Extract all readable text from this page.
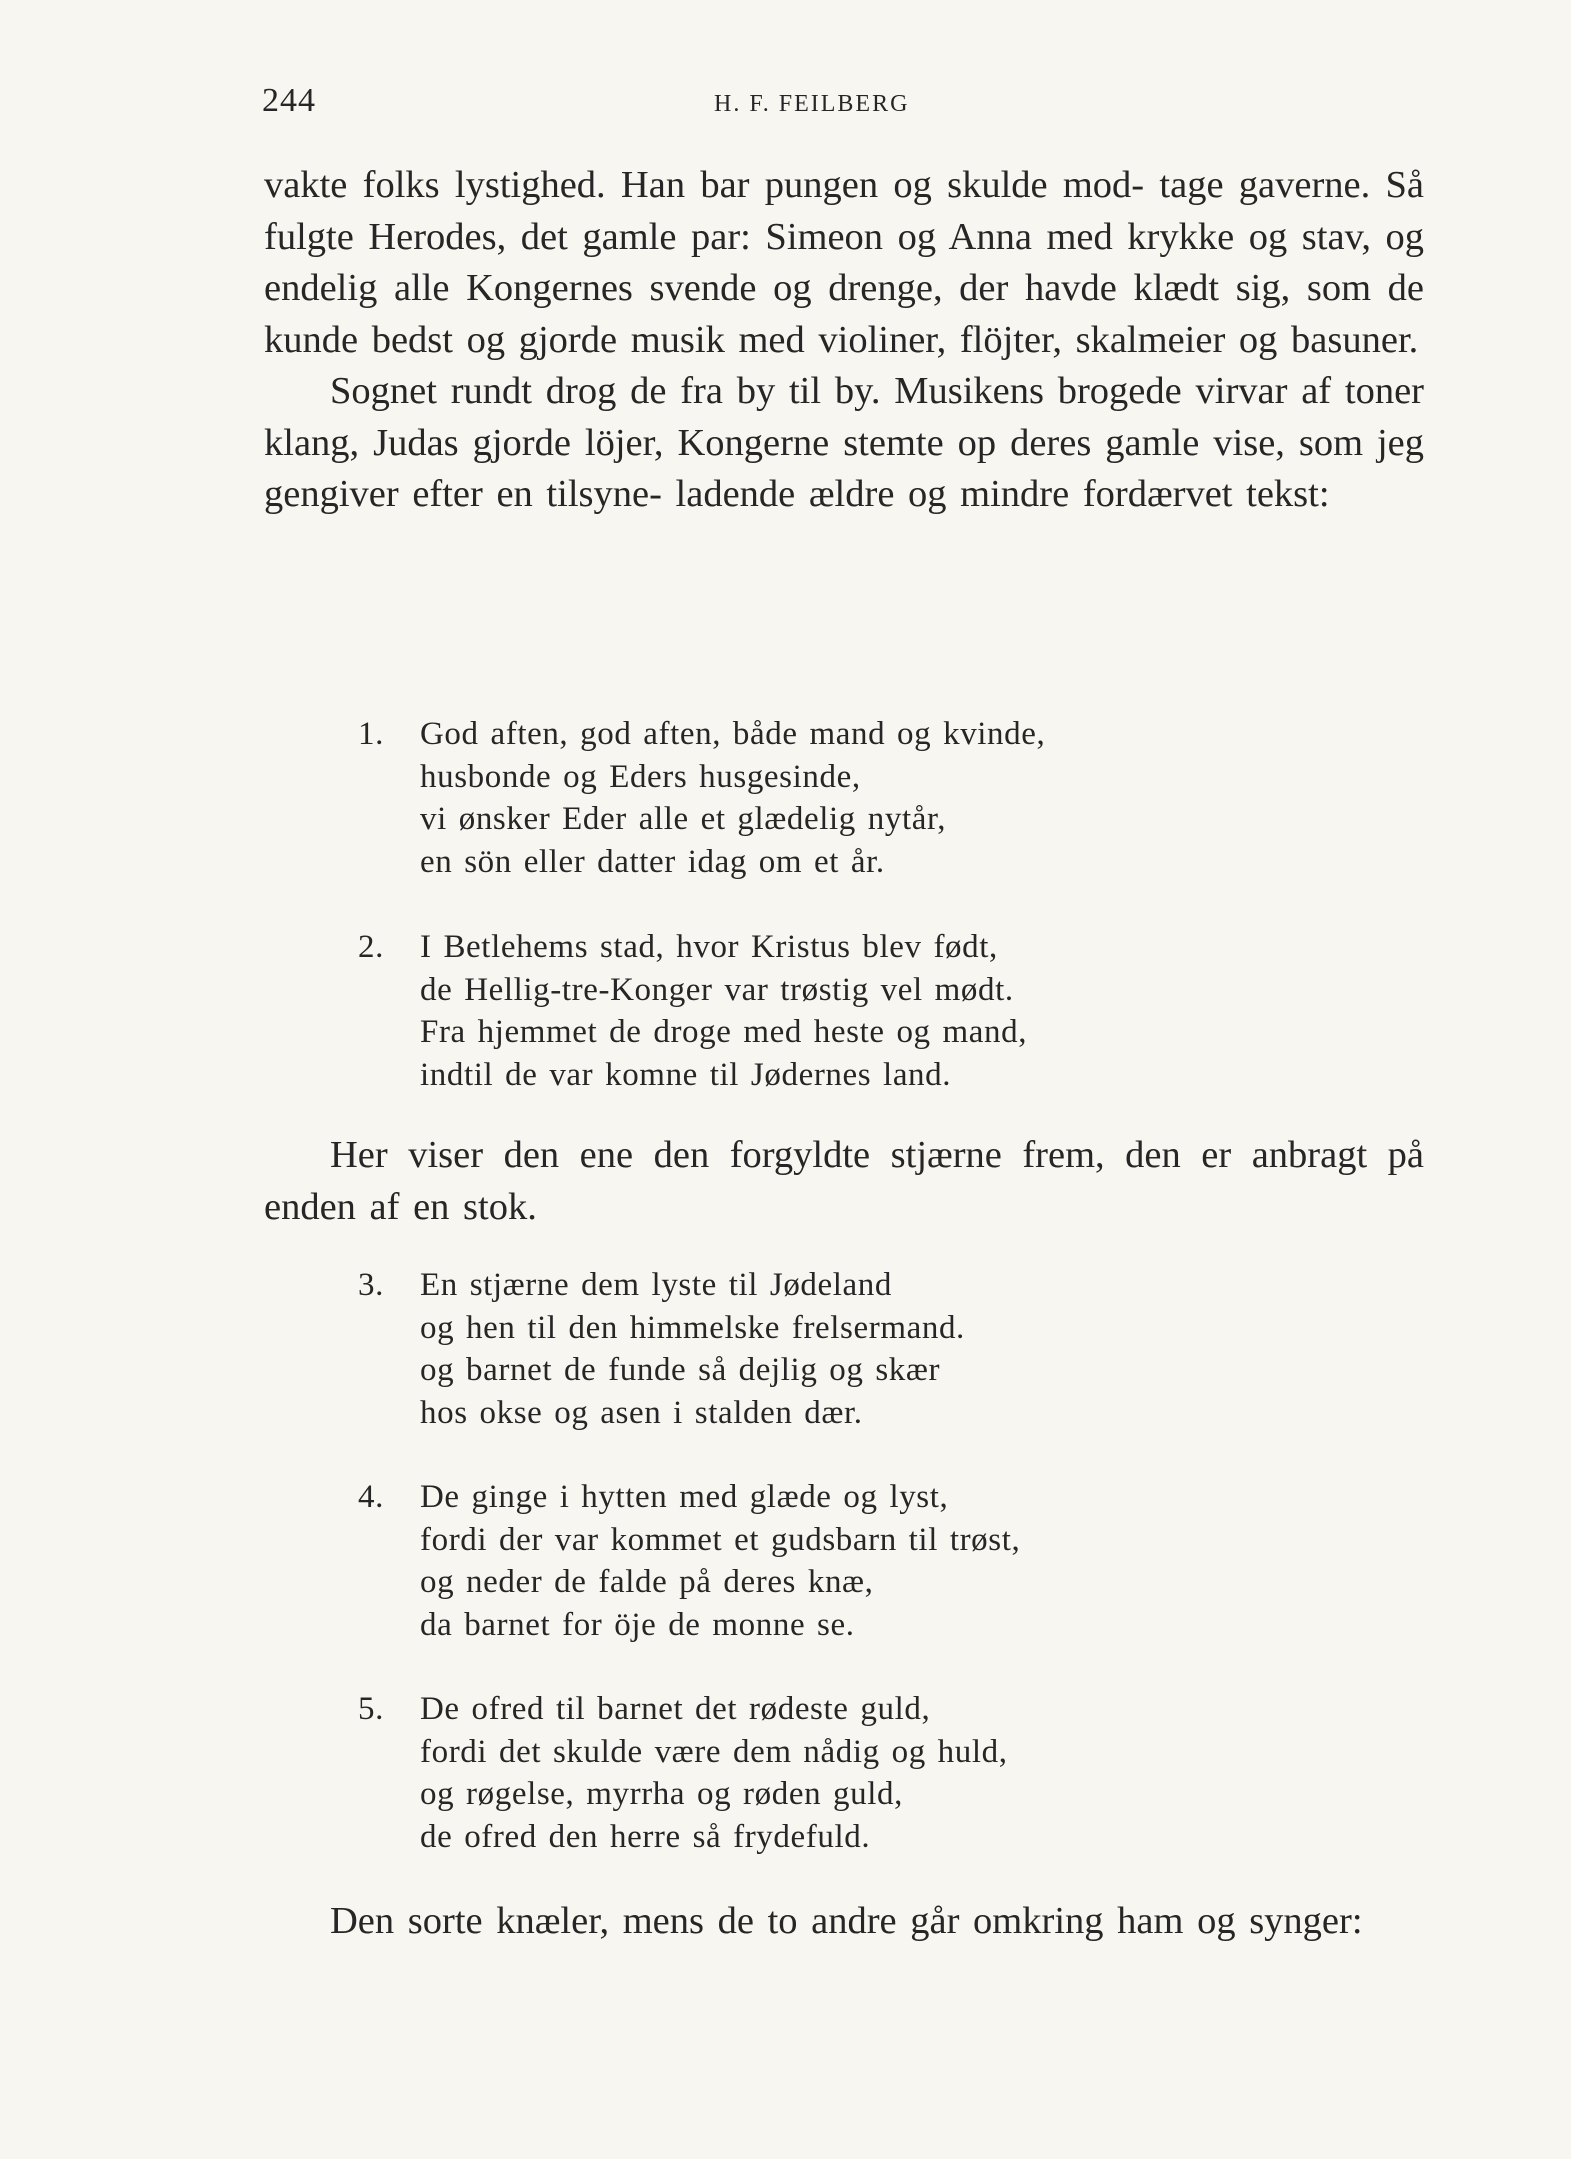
244	H. F. FEILBERG

vakte folks lystighed. Han bar pungen og skulde mod- tage gaverne. Så fulgte Herodes, det gamle par: Simeon og Anna med krykke og stav, og endelig alle Kongernes svende og drenge, der havde klædt sig, som de kunde bedst og gjorde musik med violiner, flöjter, skalmeier og basuner.

Sognet rundt drog de fra by til by. Musikens brogede virvar af toner klang, Judas gjorde löjer, Kongerne stemte op deres gamle vise, som jeg gengiver efter en tilsyne- ladende ældre og mindre fordærvet tekst:

1. God aften, god aften, både mand og kvinde,
husbonde og Eders husgesinde,
vi ønsker Eder alle et glædelig nytår,
en sön eller datter idag om et år.
2. I Betlehems stad, hvor Kristus blev født,
de Hellig-tre-Konger var trøstig vel mødt.
Fra hjemmet de droge med heste og mand,
indtil de var komne til Jødernes land.

Her viser den ene den forgyldte stjærne frem, den er anbragt på enden af en stok.

3. En stjærne dem lyste til Jødeland
og hen til den himmelske frelsermand.
og barnet de funde så dejlig og skær
hos okse og asen i stalden dær.
4. De ginge i hytten med glæde og lyst,
fordi der var kommet et gudsbarn til trøst,
og neder de falde på deres knæ,
da barnet for öje de monne se.
5. De ofred til barnet det rødeste guld,
fordi det skulde være dem nådig og huld,
og røgelse, myrrha og røden guld,
de ofred den herre så frydefuld.

Den sorte knæler, mens de to andre går omkring ham og synger:
